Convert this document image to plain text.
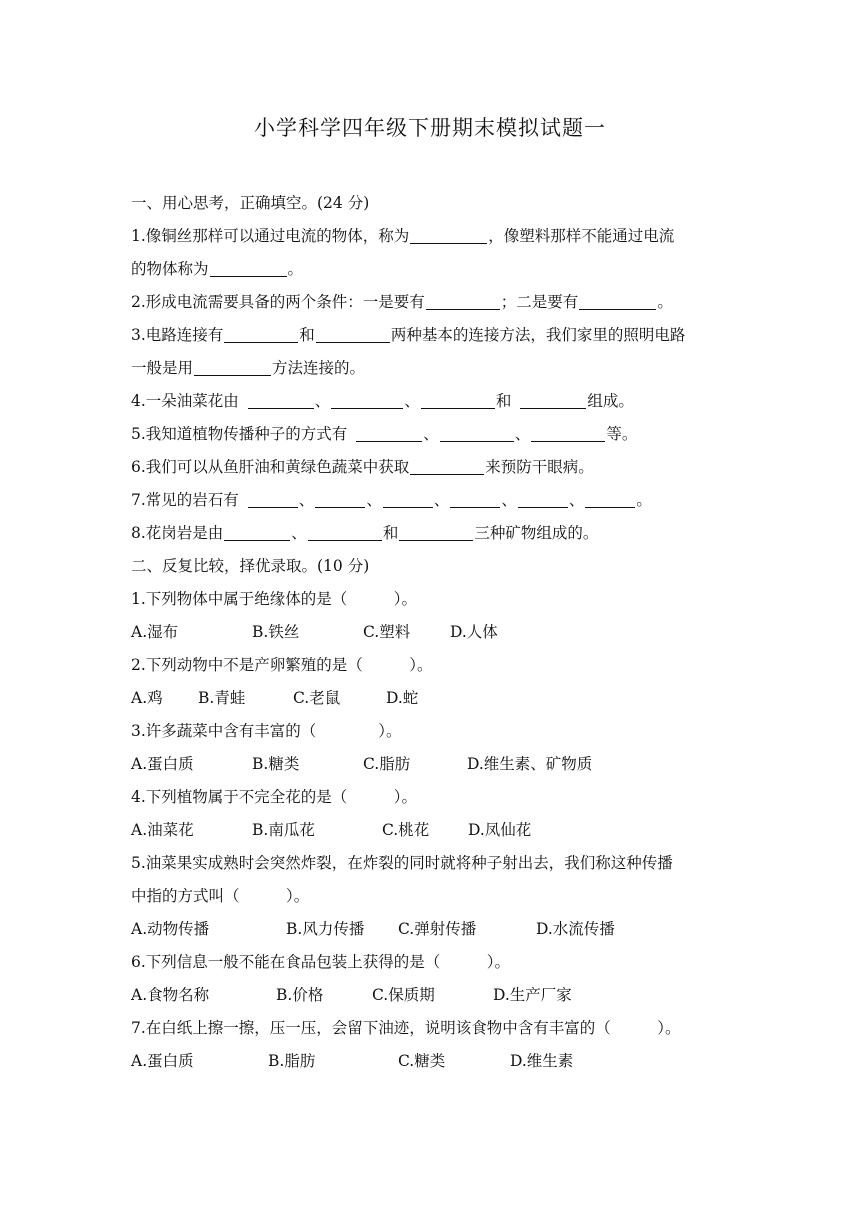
小学科学四年级下册期末模拟试题一
一、用心思考，正确填空。(24 分)
1.像铜丝那样可以通过电流的物体，称为	，像塑料那样不能通过电流
的物体称为	。
2.形成电流需要具备的两个条件：一是要有	；二是要有	。
3.电路连接有	和	两种基本的连接方法，我们家里的照明电路
一般是用	方法连接的。
4.一朵油菜花由	、	、	和	组成。
5.我知道植物传播种子的方式有	、	、	等。
6.我们可以从鱼肝油和黄绿色蔬菜中获取	来预防干眼病。
7.常见的岩石有	、	、	、	、	、	。
8.花岗岩是由	、	和	三种矿物组成的。
二、反复比较，择优录取。(10 分)
1.下列物体中属于绝缘体的是（　　　）。
A.湿布	B.铁丝	C.塑料	D.人体
2.下列动物中不是产卵繁殖的是（　　　）。
A.鸡	B.青蛙	C.老鼠	D.蛇
3.许多蔬菜中含有丰富的（　　　　）。
A.蛋白质	B.糖类	C.脂肪	D.维生素、矿物质
4.下列植物属于不完全花的是（　　　）。
A.油菜花	B.南瓜花	C.桃花	D.凤仙花
5.油菜果实成熟时会突然炸裂，在炸裂的同时就将种子射出去，我们称这种传播
中指的方式叫（　　　）。
A.动物传播	B.风力传播	C.弹射传播	D.水流传播
6.下列信息一般不能在食品包装上获得的是（　　　）。
A.食物名称	B.价格	C.保质期	D.生产厂家
7.在白纸上擦一擦，压一压，会留下油迹，说明该食物中含有丰富的（　　　）。
A.蛋白质	B.脂肪	C.糖类	D.维生素
